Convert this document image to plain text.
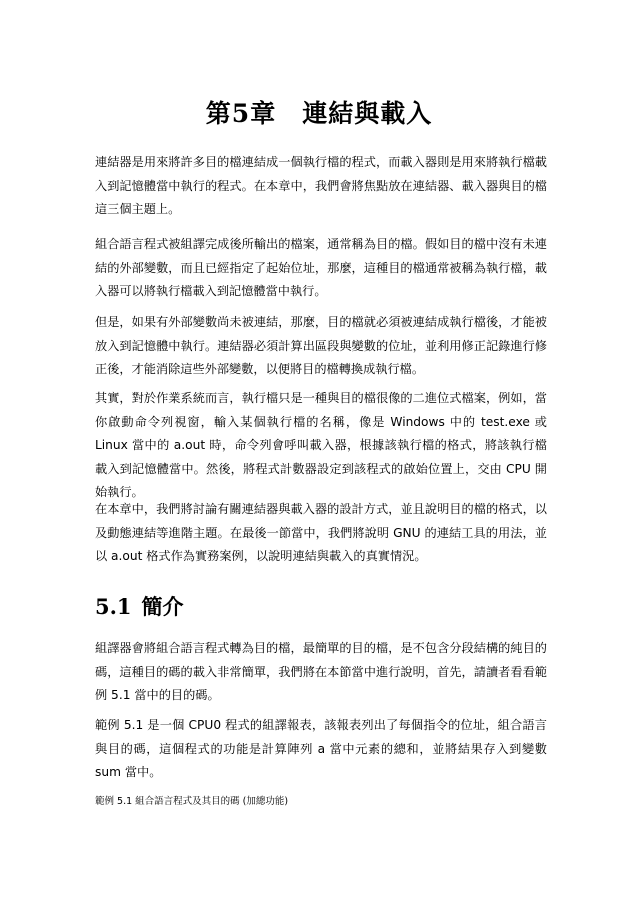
第5章　連結與載入

連結器是用來將許多目的檔連結成一個執行檔的程式，而載入器則是用來將執行檔載入到記憶體當中執行的程式。在本章中，我們會將焦點放在連結器、載入器與目的檔這三個主題上。

組合語言程式被組譯完成後所輸出的檔案，通常稱為目的檔。假如目的檔中沒有未連結的外部變數，而且已經指定了起始位址，那麼，這種目的檔通常被稱為執行檔，載入器可以將執行檔載入到記憶體當中執行。

但是，如果有外部變數尚未被連結，那麼，目的檔就必須被連結成執行檔後，才能被放入到記憶體中執行。連結器必須計算出區段與變數的位址，並利用修正記錄進行修正後，才能消除這些外部變數，以便將目的檔轉換成執行檔。

其實，對於作業系統而言，執行檔只是一種與目的檔很像的二進位式檔案，例如，當你啟動命令列視窗，輸入某個執行檔的名稱，像是 Windows 中的 test.exe 或 Linux 當中的 a.out 時，命令列會呼叫載入器，根據該執行檔的格式，將該執行檔載入到記憶體當中。然後，將程式計數器設定到該程式的啟始位置上，交由 CPU 開始執行。

在本章中，我們將討論有關連結器與載入器的設計方式，並且說明目的檔的格式，以及動態連結等進階主題。在最後一節當中，我們將說明 GNU 的連結工具的用法，並以 a.out 格式作為實務案例，以說明連結與載入的真實情況。

5.1 簡介

組譯器會將組合語言程式轉為目的檔，最簡單的目的檔，是不包含分段結構的純目的碼，這種目的碼的載入非常簡單，我們將在本節當中進行說明，首先，請讀者看看範例 5.1 當中的目的碼。

範例 5.1 是一個 CPU0 程式的組譯報表，該報表列出了每個指令的位址，組合語言與目的碼，這個程式的功能是計算陣列 a 當中元素的總和，並將結果存入到變數 sum 當中。

範例 5.1 組合語言程式及其目的碼 (加總功能)
